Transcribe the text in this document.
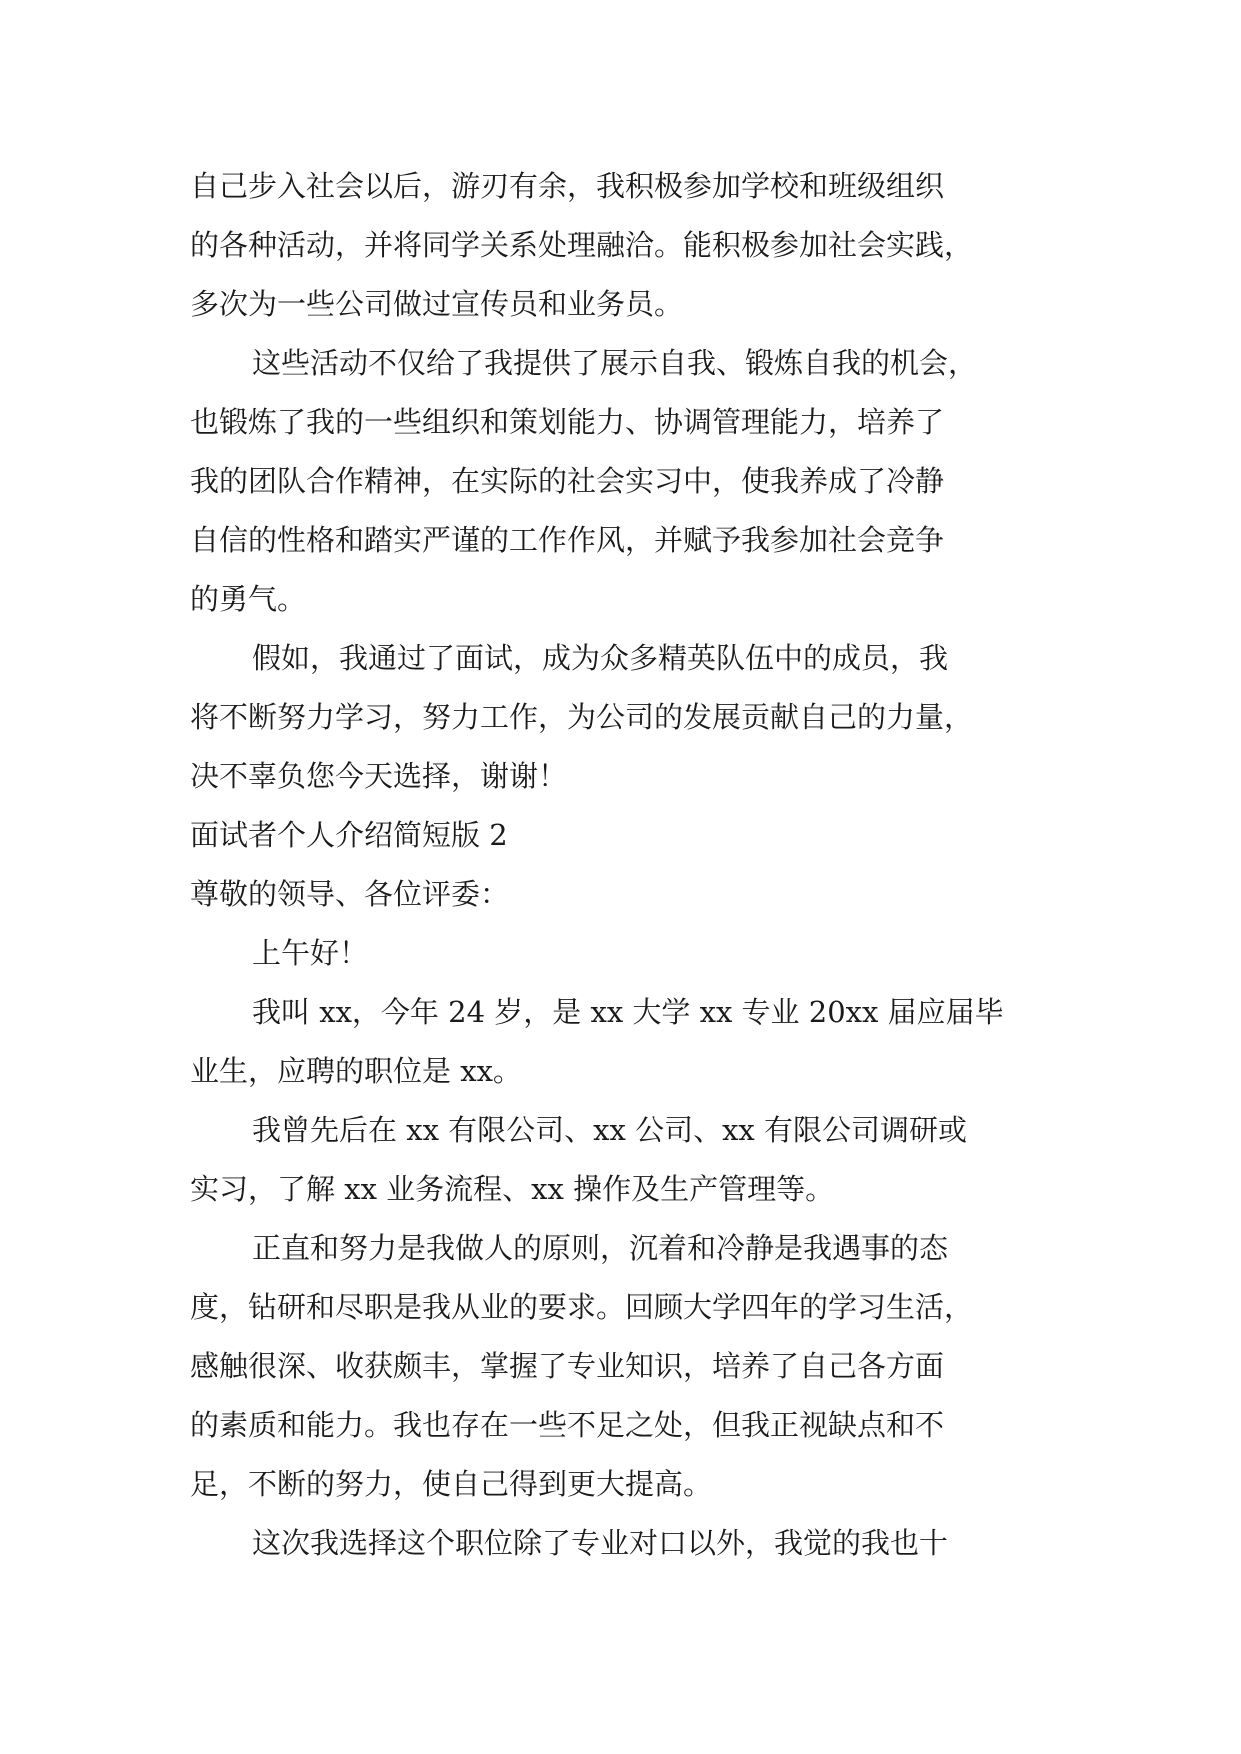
自己步入社会以后，游刃有余，我积极参加学校和班级组织
的各种活动，并将同学关系处理融洽。能积极参加社会实践，
多次为一些公司做过宣传员和业务员。
这些活动不仅给了我提供了展示自我、锻炼自我的机会，
也锻炼了我的一些组织和策划能力、协调管理能力，培养了
我的团队合作精神，在实际的社会实习中，使我养成了冷静
自信的性格和踏实严谨的工作作风，并赋予我参加社会竞争
的勇气。
假如，我通过了面试，成为众多精英队伍中的成员，我
将不断努力学习，努力工作，为公司的发展贡献自己的力量，
决不辜负您今天选择，谢谢！
面试者个人介绍简短版 2
尊敬的领导、各位评委：
上午好！
我叫 xx，今年 24 岁，是 xx 大学 xx 专业 20xx 届应届毕
业生，应聘的职位是 xx。
我曾先后在 xx 有限公司、xx 公司、xx 有限公司调研或
实习，了解 xx 业务流程、xx 操作及生产管理等。
正直和努力是我做人的原则，沉着和冷静是我遇事的态
度，钻研和尽职是我从业的要求。回顾大学四年的学习生活，
感触很深、收获颇丰，掌握了专业知识，培养了自己各方面
的素质和能力。我也存在一些不足之处，但我正视缺点和不
足，不断的努力，使自己得到更大提高。
这次我选择这个职位除了专业对口以外，我觉的我也十
